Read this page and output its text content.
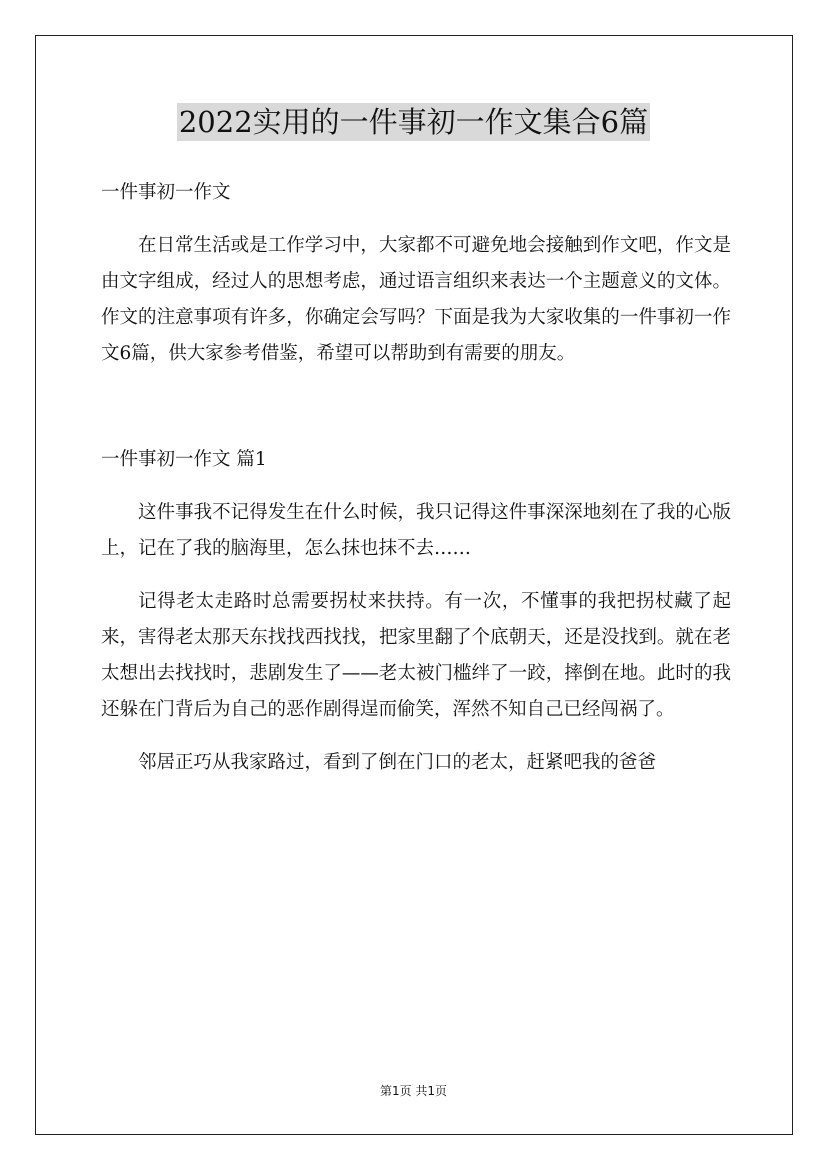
2022实用的一件事初一作文集合6篇

一件事初一作文

在日常生活或是工作学习中，大家都不可避免地会接触到作文吧，作文是由文字组成，经过人的思想考虑，通过语言组织来表达一个主题意义的文体。作文的注意事项有许多，你确定会写吗？下面是我为大家收集的一件事初一作文6篇，供大家参考借鉴，希望可以帮助到有需要的朋友。

一件事初一作文 篇1

这件事我不记得发生在什么时候，我只记得这件事深深地刻在了我的心版上，记在了我的脑海里，怎么抹也抹不去……

记得老太走路时总需要拐杖来扶持。有一次，不懂事的我把拐杖藏了起来，害得老太那天东找找西找找，把家里翻了个底朝天，还是没找到。就在老太想出去找找时，悲剧发生了——老太被门槛绊了一跤，摔倒在地。此时的我还躲在门背后为自己的恶作剧得逞而偷笑，浑然不知自己已经闯祸了。

邻居正巧从我家路过，看到了倒在门口的老太，赶紧吧我的爸爸

第1页 共1页
